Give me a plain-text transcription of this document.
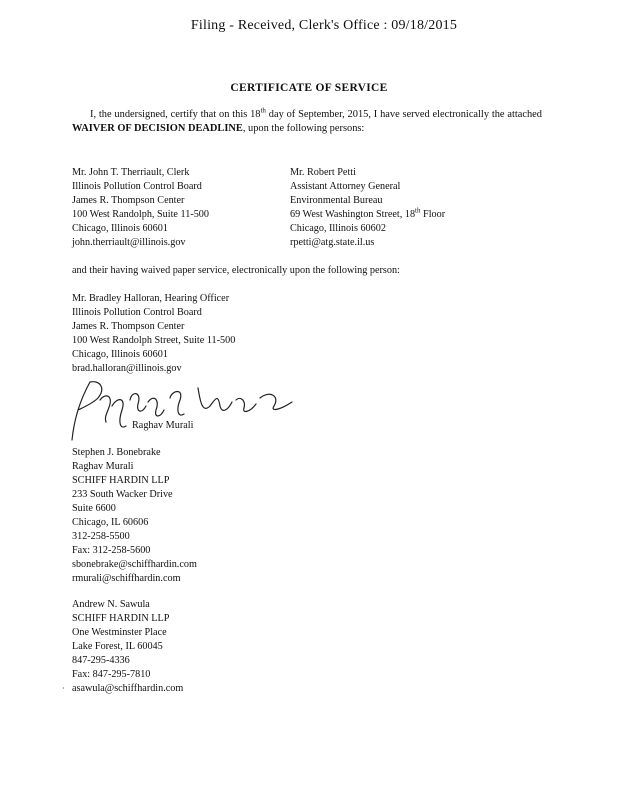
Filing - Received, Clerk's Office : 09/18/2015
CERTIFICATE OF SERVICE
I, the undersigned, certify that on this 18th day of September, 2015, I have served electronically the attached WAIVER OF DECISION DEADLINE, upon the following persons:
Mr. John T. Therriault, Clerk
Illinois Pollution Control Board
James R. Thompson Center
100 West Randolph, Suite 11-500
Chicago, Illinois 60601
john.therriault@illinois.gov
Mr. Robert Petti
Assistant Attorney General
Environmental Bureau
69 West Washington Street, 18th Floor
Chicago, Illinois 60602
rpetti@atg.state.il.us
and their having waived paper service, electronically upon the following person:
Mr. Bradley Halloran, Hearing Officer
Illinois Pollution Control Board
James R. Thompson Center
100 West Randolph Street, Suite 11-500
Chicago, Illinois 60601
brad.halloran@illinois.gov
Raghav Murali
Stephen J. Bonebrake
Raghav Murali
SCHIFF HARDIN LLP
233 South Wacker Drive
Suite 6600
Chicago, IL 60606
312-258-5500
Fax: 312-258-5600
sbonebrake@schiffhardin.com
rmurali@schiffhardin.com
Andrew N. Sawula
SCHIFF HARDIN LLP
One Westminster Place
Lake Forest, IL 60045
847-295-4336
Fax: 847-295-7810
asawula@schiffhardin.com
·
